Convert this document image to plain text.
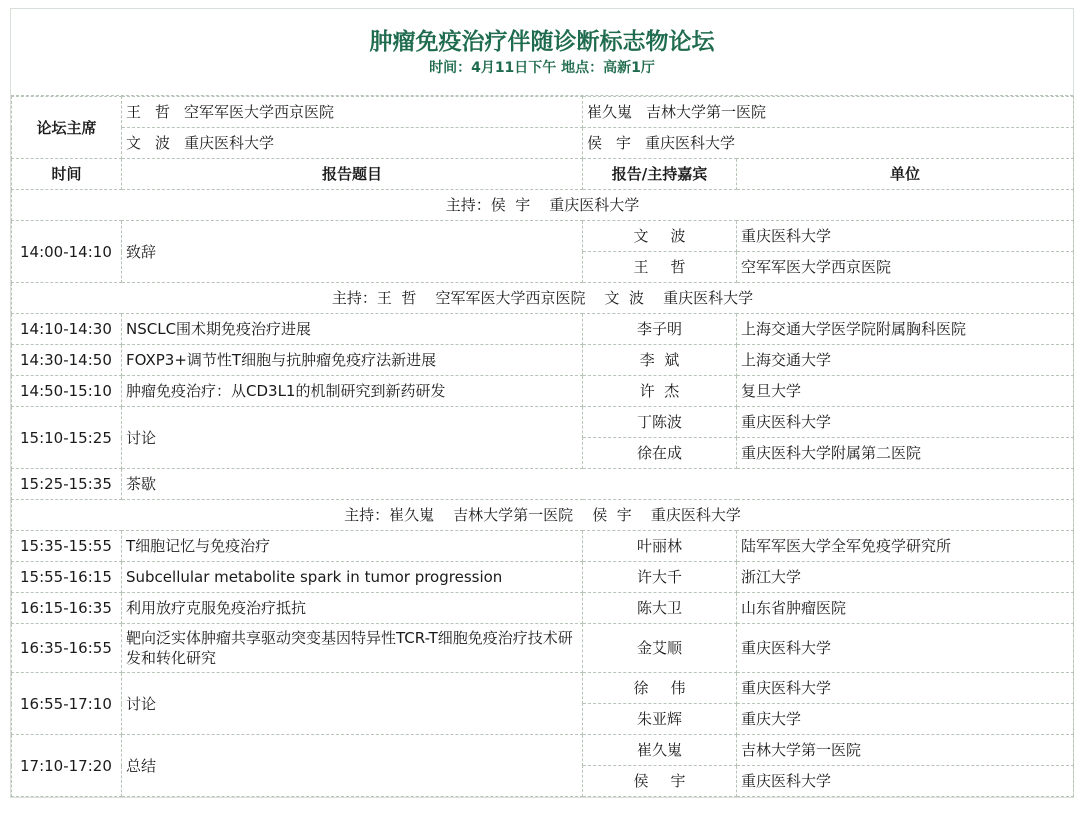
肿瘤免疫治疗伴随诊断标志物论坛
时间：4月11日下午 地点：高新1厅
论坛主席	王 哲 空军军医大学西京医院	崔久嵬 吉林大学第一医院	
	文 波 重庆医科大学	侯 宇 重庆医科大学	
时间	报告题目	报告/主持嘉宾	单位
主持：侯  宇    重庆医科大学			
14:00-14:10	致辞	文 波	重庆医科大学
		王 哲	空军军医大学西京医院
主持：王  哲    空军军医大学西京医院    文  波    重庆医科大学			
14:10-14:30	NSCLC围术期免疫治疗进展	李子明	上海交通大学医学院附属胸科医院
14:30-14:50	FOXP3+调节性T细胞与抗肿瘤免疫疗法新进展	李  斌	上海交通大学
14:50-15:10	肿瘤免疫治疗：从CD3L1的机制研究到新药研发	许  杰	复旦大学
15:10-15:25	讨论	丁陈波	重庆医科大学
		徐在成	重庆医科大学附属第二医院
15:25-15:35	茶歇		
主持：崔久嵬    吉林大学第一医院    侯  宇    重庆医科大学			
15:35-15:55	T细胞记忆与免疫治疗	叶丽林	陆军军医大学全军免疫学研究所
15:55-16:15	Subcellular metabolite spark in tumor progression	许大千	浙江大学
16:15-16:35	利用放疗克服免疫治疗抵抗	陈大卫	山东省肿瘤医院
16:35-16:55	靶向泛实体肿瘤共享驱动突变基因特异性TCR-T细胞免疫治疗技术研发和转化研究	金艾顺	重庆医科大学
16:55-17:10	讨论	徐 伟	重庆医科大学
		朱亚辉	重庆大学
17:10-17:20	总结	崔久嵬	吉林大学第一医院
		侯 宇	重庆医科大学
